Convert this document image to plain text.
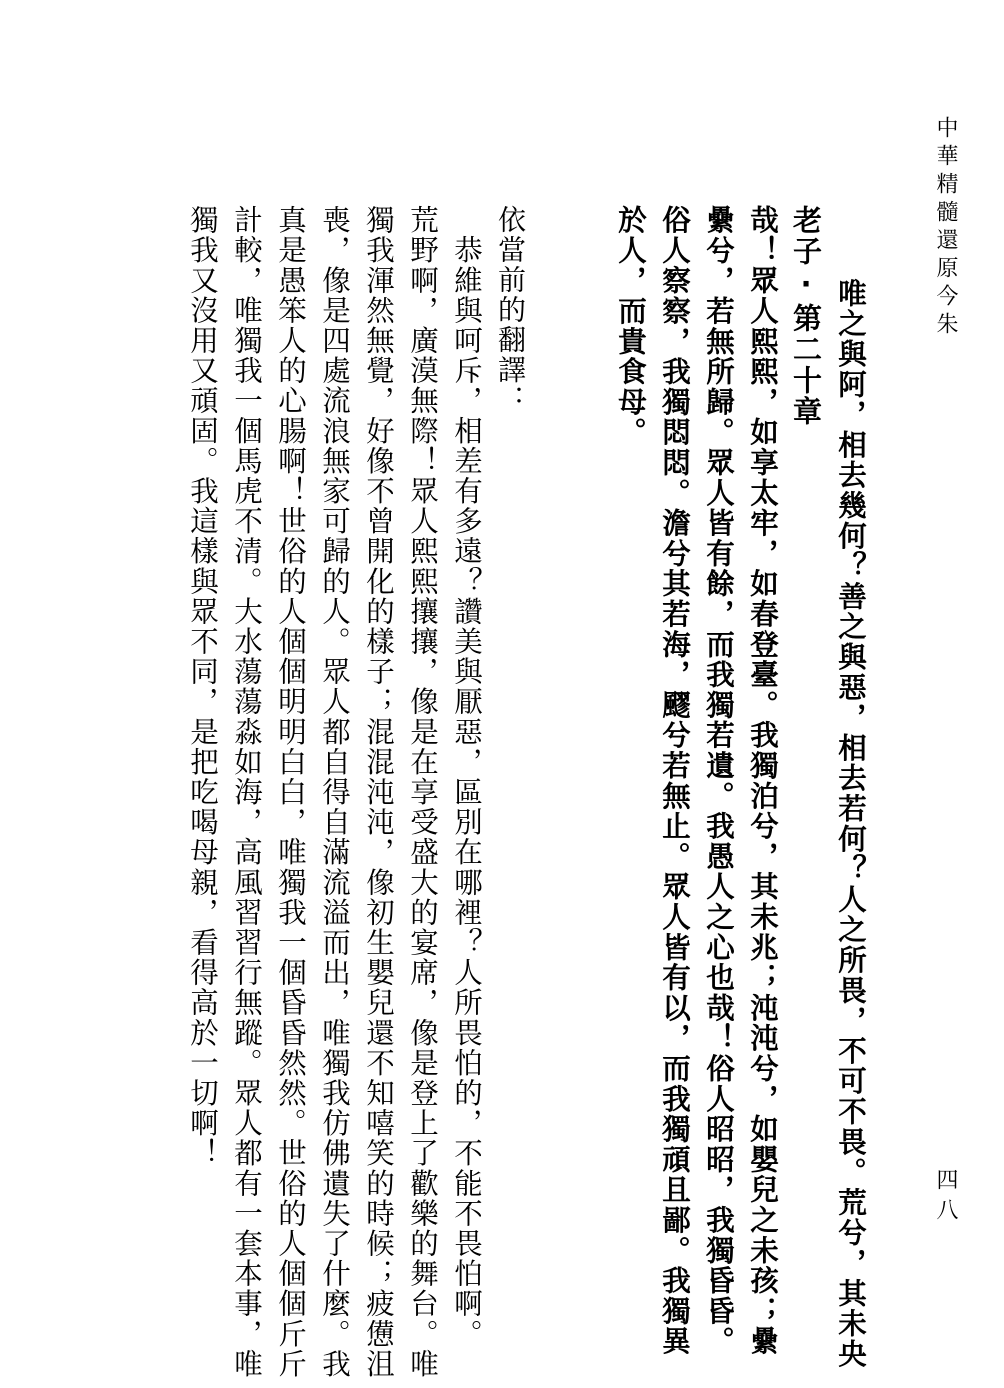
中華精髓還原今朱
四八
老子‧第二十章 　唯之與阿，相去幾何？善之與惡，相去若何？人之所畏，不可不畏。荒兮，其未央
哉！眾人熙熙，如享太牢，如春登臺。我獨泊兮，其未兆；沌沌兮，如嬰兒之未孩；纍
纍兮，若無所歸。眾人皆有餘，而我獨若遺。我愚人之心也哉！俗人昭昭，我獨昏昏。
俗人察察，我獨悶悶。澹兮其若海，飂兮若無止。眾人皆有以，而我獨頑且鄙。我獨異
於人，而貴食母。
依當前的翻譯：
　恭維與呵斥，相差有多遠？讚美與厭惡，區別在哪裡？人所畏怕的，不能不畏怕啊。
荒野啊，廣漠無際！眾人熙熙攘攘，像是在享受盛大的宴席，像是登上了歡樂的舞台。唯
獨我渾然無覺，好像不曾開化的樣子；混混沌沌，像初生嬰兒還不知嘻笑的時候；疲憊沮
喪，像是四處流浪無家可歸的人。眾人都自得自滿流溢而出，唯獨我仿佛遺失了什麼。我
真是愚笨人的心腸啊！世俗的人個個明明白白，唯獨我一個昏昏然然。世俗的人個個斤斤
計較，唯獨我一個馬虎不清。大水蕩蕩淼如海，高風習習行無蹤。眾人都有一套本事，唯
獨我又沒用又頑固。我這樣與眾不同，是把吃喝母親，看得高於一切啊！
